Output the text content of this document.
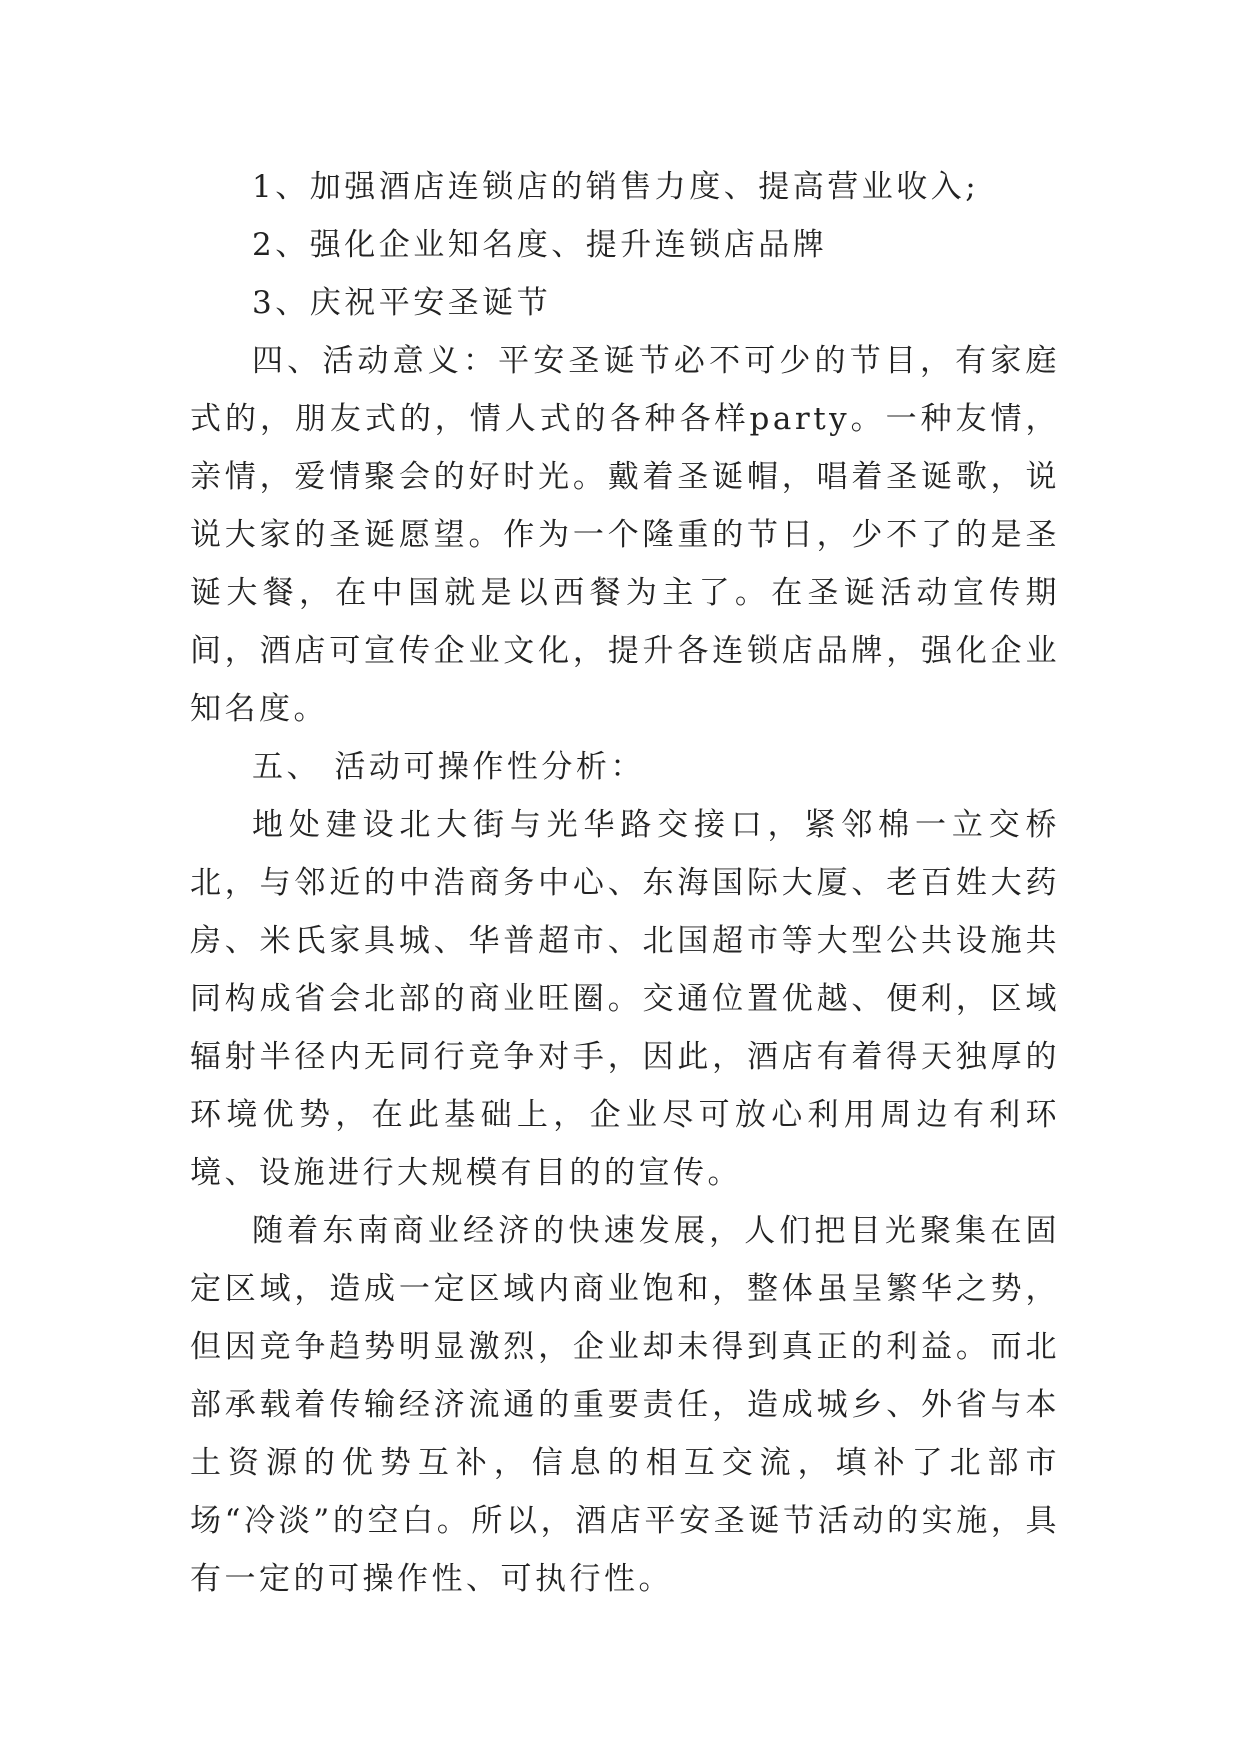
1、加强酒店连锁店的销售力度、提高营业收入;

2、强化企业知名度、提升连锁店品牌

3、庆祝平安圣诞节

四、活动意义：平安圣诞节必不可少的节目，有家庭式的，朋友式的，情人式的各种各样party。一种友情，亲情，爱情聚会的好时光。戴着圣诞帽，唱着圣诞歌，说说大家的圣诞愿望。作为一个隆重的节日，少不了的是圣诞大餐，在中国就是以西餐为主了。在圣诞活动宣传期间，酒店可宣传企业文化，提升各连锁店品牌，强化企业知名度。

五、 活动可操作性分析：

地处建设北大街与光华路交接口，紧邻棉一立交桥北，与邻近的中浩商务中心、东海国际大厦、老百姓大药房、米氏家具城、华普超市、北国超市等大型公共设施共同构成省会北部的商业旺圈。交通位置优越、便利，区域辐射半径内无同行竞争对手，因此，酒店有着得天独厚的环境优势，在此基础上，企业尽可放心利用周边有利环境、设施进行大规模有目的的宣传。

随着东南商业经济的快速发展，人们把目光聚集在固定区域，造成一定区域内商业饱和，整体虽呈繁华之势，但因竞争趋势明显激烈，企业却未得到真正的利益。而北部承载着传输经济流通的重要责任，造成城乡、外省与本土资源的优势互补，信息的相互交流，填补了北部市场“冷淡”的空白。所以，酒店平安圣诞节活动的实施，具有一定的可操作性、可执行性。
